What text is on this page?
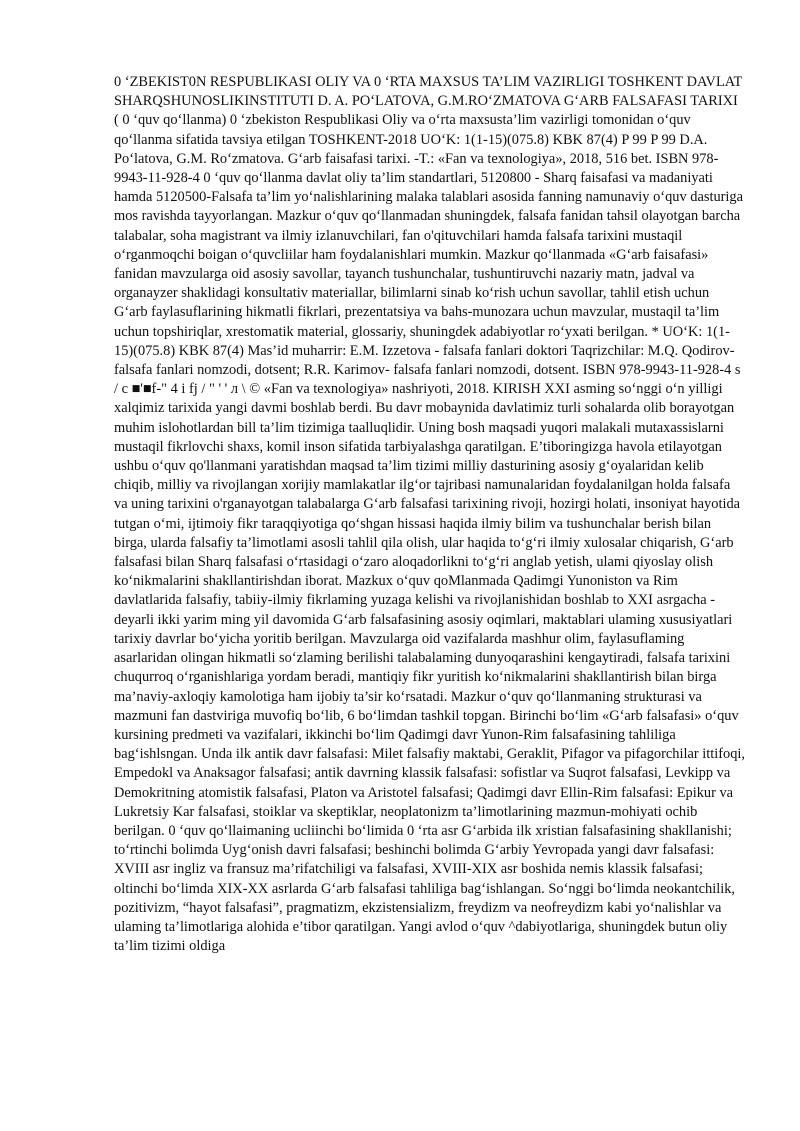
0 ‘ZBEKIST0N RESPUBLIKASI OLIY VA 0 ‘RTA MAXSUS TA’LIM VAZIRLIGI TOSHKENT DAVLAT SHARQSHUNOSLIKINSTITUTI D. A. PO‘LATOVA, G.M.RO‘ZMATOVA G‘ARB FALSAFASI TARIXI ( 0 ‘quv qo‘llanma) 0 ‘zbekiston Respublikasi Oliy va o‘rta maxsusta’lim vazirligi tomonidan o‘quv qo‘llanma sifatida tavsiya etilgan TOSHKENT-2018 UO‘K: 1(1-15)(075.8) KBK 87(4) P 99 P 99 D.A. Po‘latova, G.M. Ro‘zmatova. G‘arb faisafasi tarixi. -T.: «Fan va texnologiya», 2018, 516 bet. ISBN 978-9943-11-928-4 0 ‘quv qo‘llanma davlat oliy ta’lim standartlari, 5120800 - Sharq faisafasi va madaniyati hamda 5120500-Falsafa ta’lim yo‘nalishlarining malaka talablari asosida fanning namunaviy o‘quv dasturiga mos ravishda tayyorlangan. Mazkur o‘quv qo‘llanmadan shuningdek, falsafa fanidan tahsil olayotgan barcha talabalar, soha magistrant va ilmiy izlanuvchilari, fan o'qituvchilari hamda falsafa tarixini mustaqil o‘rganmoqchi boigan o‘quvcliilar ham foydalanishlari mumkin. Mazkur qo‘llanmada «G‘arb faisafasi» fanidan mavzularga oid asosiy savollar, tayanch tushunchalar, tushuntiruvchi nazariy matn, jadval va organayzer shaklidagi konsultativ materiallar, bilimlarni sinab ko‘rish uchun savollar, tahlil etish uchun G‘arb faylasuflarining hikmatli fikrlari, prezentatsiya va bahs-munozara uchun mavzular, mustaqil ta’lim uchun topshiriqlar, xrestomatik material, glossariy, shuningdek adabiyotlar ro‘yxati berilgan. * UO‘K: 1(1-15)(075.8) KBK 87(4) Mas’id muharrir: E.M. Izzetova - falsafa fanlari doktori Taqrizchilar: M.Q. Qodirov- falsafa fanlari nomzodi, dotsent; R.R. Karimov- falsafa fanlari nomzodi, dotsent. ISBN 978-9943-11-928-4 s / c ■'■f-" 4 i fj / " ' ' л \ © «Fan va texnologiya» nashriyoti, 2018. KIRISH XXI asming so‘nggi o‘n yilligi xalqimiz tarixida yangi davmi boshlab berdi. Bu davr mobaynida davlatimiz turli sohalarda olib borayotgan muhim islohotlardan bill ta’lim tizimiga taalluqlidir. Uning bosh maqsadi yuqori malakali mutaxassislarni mustaqil fikrlovchi shaxs, komil inson sifatida tarbiyalashga qaratilgan. E’tiboringizga havola etilayotgan ushbu o‘quv qo'llanmani yaratishdan maqsad ta’lim tizimi milliy dasturining asosiy g‘oyalaridan kelib chiqib, milliy va rivojlangan xorijiy mamlakatlar ilg‘or tajribasi namunalaridan foydalanilgan holda falsafa va uning tarixini o'rganayotgan talabalarga G‘arb falsafasi tarixining rivoji, hozirgi holati, insoniyat hayotida tutgan o‘mi, ijtimoiy fikr taraqqiyotiga qo‘shgan hissasi haqida ilmiy bilim va tushunchalar berish bilan birga, ularda falsafiy ta’limotlami asosli tahlil qila olish, ular haqida to‘g‘ri ilmiy xulosalar chiqarish, G‘arb falsafasi bilan Sharq falsafasi o‘rtasidagi o‘zaro aloqadorlikni to‘g‘ri anglab yetish, ulami qiyoslay olish ko‘nikmalarini shakllantirishdan iborat. Mazkux o‘quv qoMlanmada Qadimgi Yunoniston va Rim davlatlarida falsafiy, tabiiy-ilmiy fikrlaming yuzaga kelishi va rivojlanishidan boshlab to XXI asrgacha - deyarli ikki yarim ming yil davomida G‘arb falsafasining asosiy oqimlari, maktablari ulaming xususiyatlari tarixiy davrlar bo‘yicha yoritib berilgan. Mavzularga oid vazifalarda mashhur olim, faylasuflaming asarlaridan olingan hikmatli so‘zlaming berilishi talabalaming dunyoqarashini kengaytiradi, falsafa tarixini chuqurroq o‘rganishlariga yordam beradi, mantiqiy fikr yuritish ko‘nikmalarini shakllantirish bilan birga ma’naviy-axloqiy kamolotiga ham ijobiy ta’sir ko‘rsatadi. Mazkur o‘quv qo‘llanmaning strukturasi va mazmuni fan dastviriga muvofiq bo‘lib, 6 bo‘limdan tashkil topgan. Birinchi bo‘lim «G‘arb falsafasi» o‘quv kursining predmeti va vazifalari, ikkinchi bo‘lim Qadimgi davr Yunon-Rim falsafasining tahliliga bag‘ishlsngan. Unda ilk antik davr falsafasi: Milet falsafiy maktabi, Geraklit, Pifagor va pifagorchilar ittifoqi, Empedokl va Anaksagor falsafasi; antik davrning klassik falsafasi: sofistlar va Suqrot falsafasi, Levkipp va Demokritning atomistik falsafasi, Platon va Aristotel falsafasi; Qadimgi davr Ellin-Rim falsafasi: Epikur va Lukretsiy Kar falsafasi, stoiklar va skeptiklar, neoplatonizm ta’limotlarining mazmun-mohiyati ochib berilgan. 0 ‘quv qo‘llaimaning ucliinchi bo‘limida 0 ‘rta asr G‘arbida ilk xristian falsafasining shakllanishi; to‘rtinchi bolimda Uyg‘onish davri falsafasi; beshinchi bolimda G‘arbiy Yevropada yangi davr falsafasi: XVIII asr ingliz va fransuz ma’rifatchiligi va falsafasi, XVIII-XIX asr boshida nemis klassik falsafasi; oltinchi bo‘limda XIX-XX asrlarda G‘arb falsafasi tahliliga bag‘ishlangan. So‘nggi bo‘limda neokantchilik, pozitivizm, “hayot falsafasi”, pragmatizm, ekzistensializm, freydizm va neofreydizm kabi yo‘nalishlar va ulaming ta’limotlariga alohida e’tibor qaratilgan. Yangi avlod o‘quv ^dabiyotlariga, shuningdek butun oliy ta’lim tizimi oldiga
